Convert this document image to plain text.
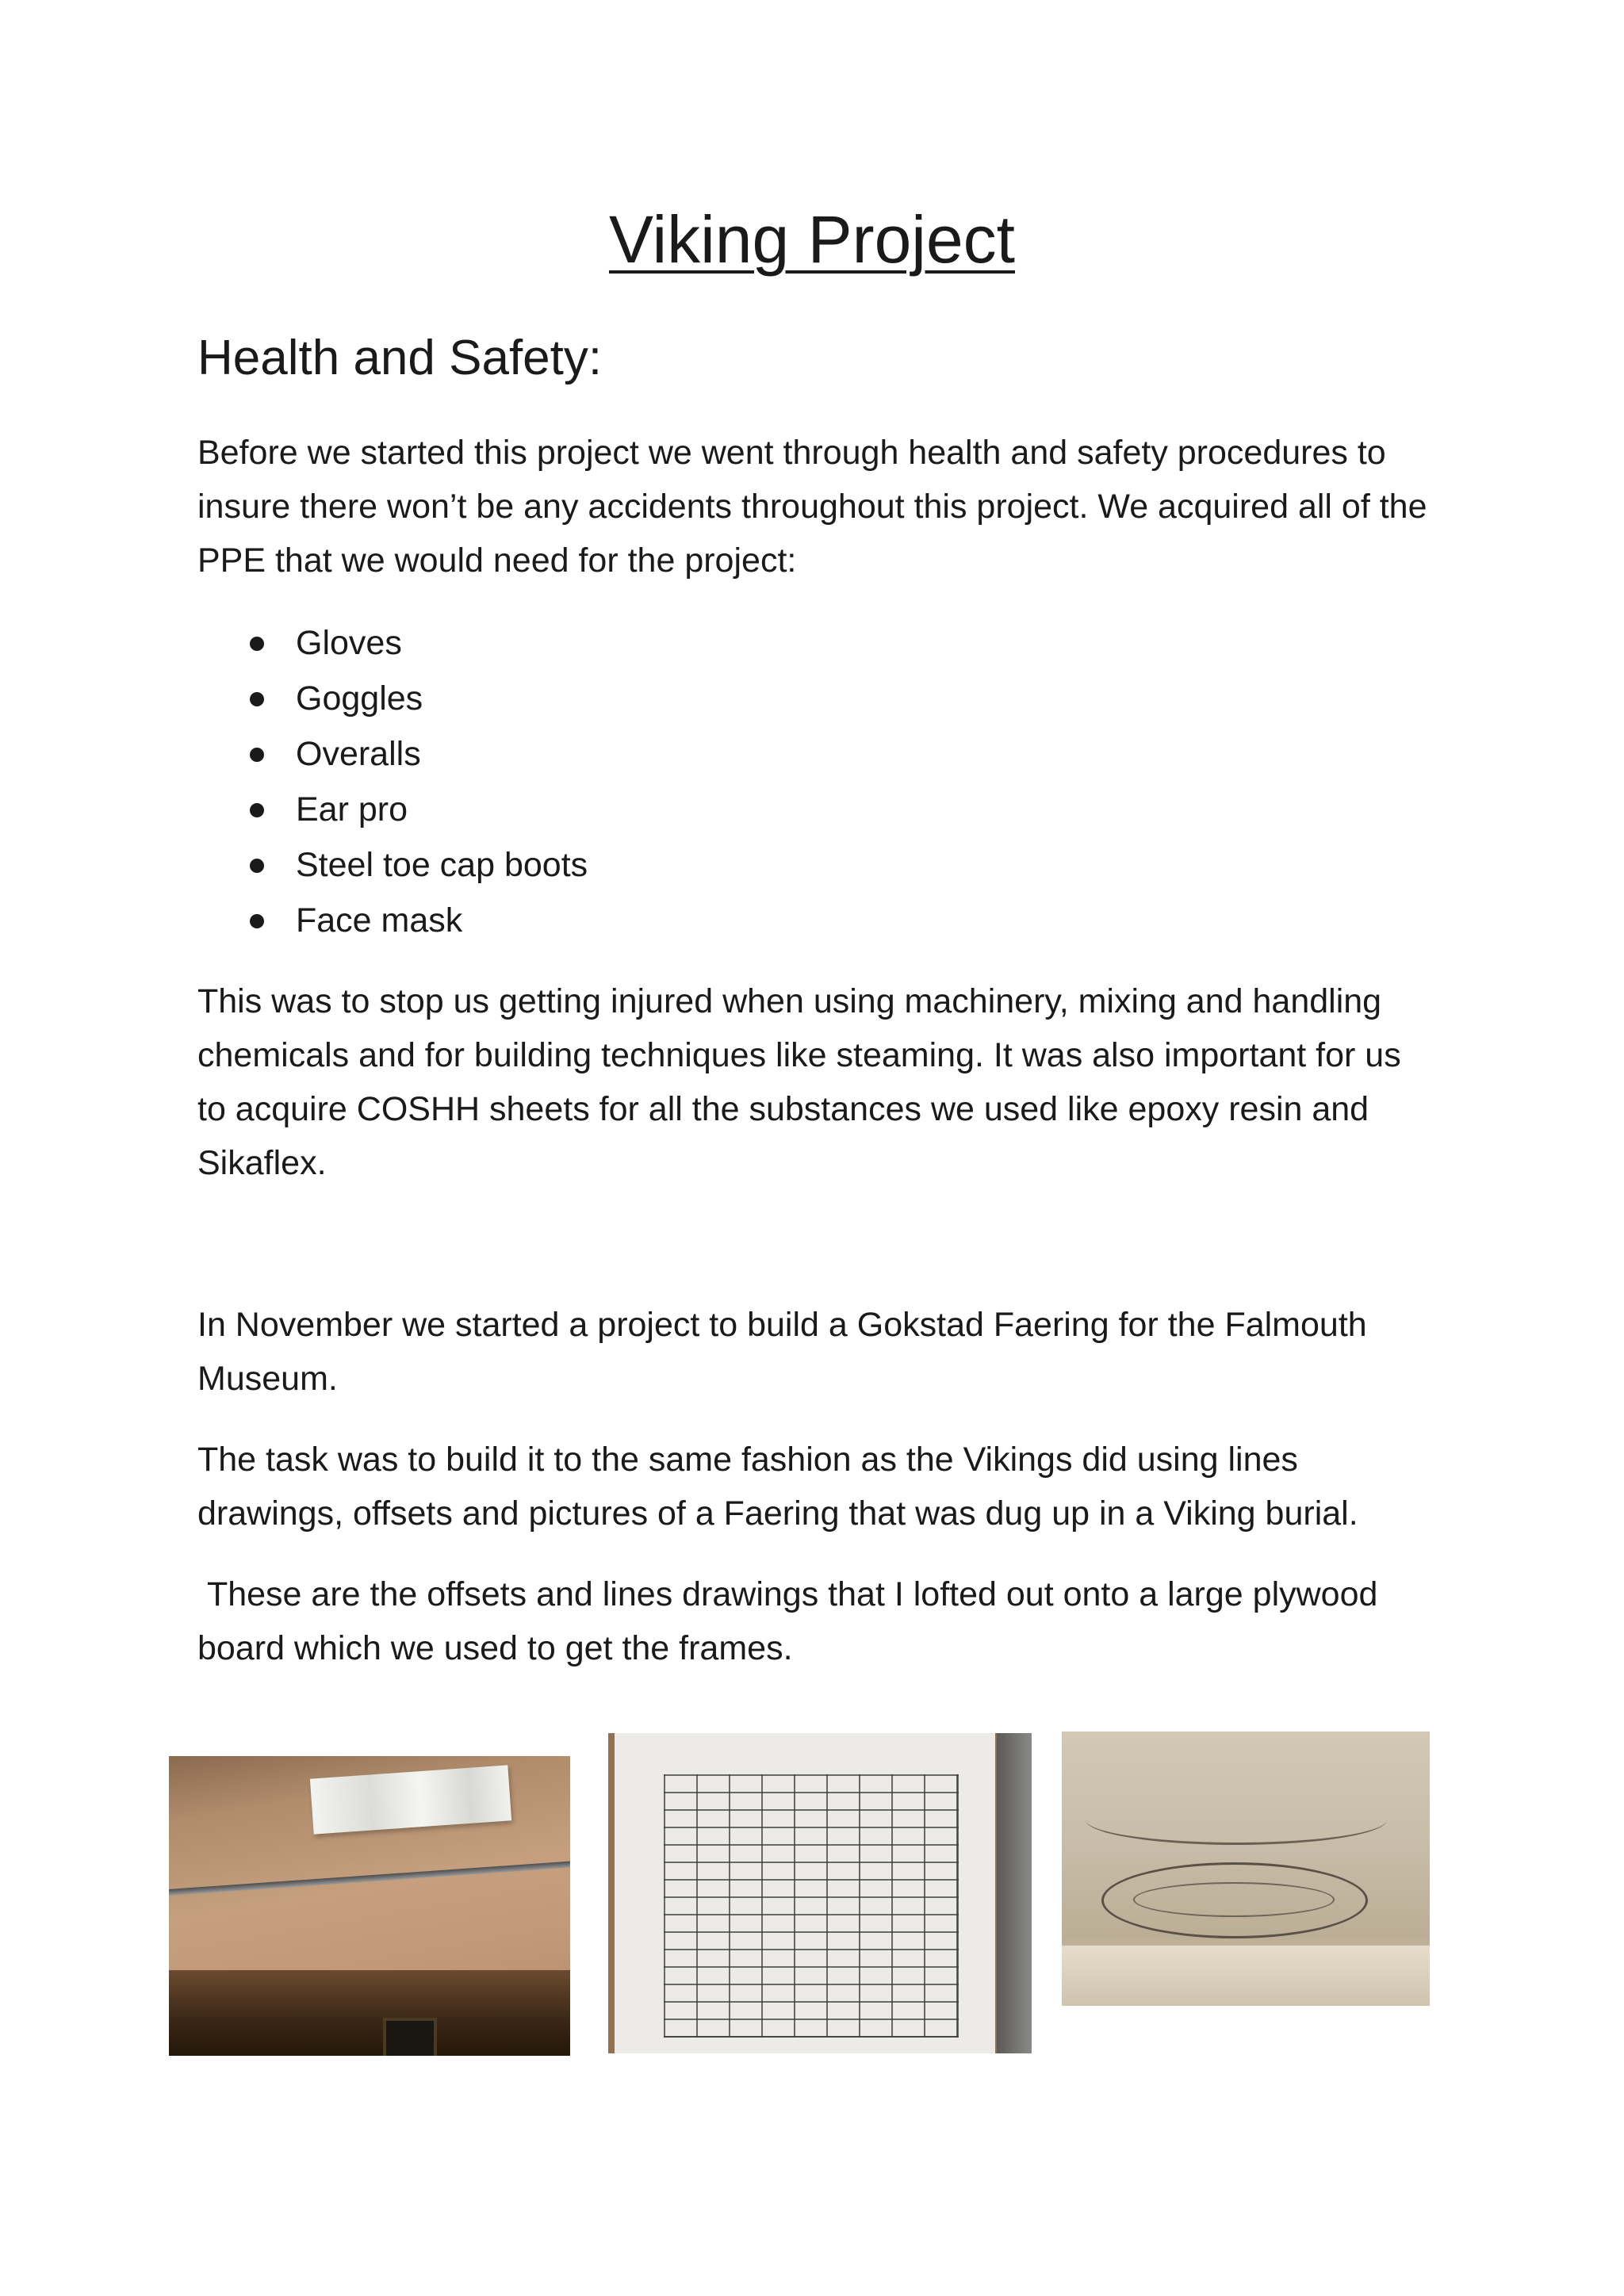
Viking Project
Health and Safety:

Before we started this project we went through health and safety procedures to insure there won’t be any accidents throughout this project. We acquired all of the PPE that we would need for the project:

Gloves
Goggles
Overalls
Ear pro
Steel toe cap boots
Face mask

This was to stop us getting injured when using machinery, mixing and handling chemicals and for building techniques like steaming. It was also important for us to acquire COSHH sheets for all the substances we used like epoxy resin and Sikaflex.

In November we started a project to build a Gokstad Faering for the Falmouth Museum.

The task was to build it to the same fashion as the Vikings did using lines drawings, offsets and pictures of a Faering that was dug up in a Viking burial.

These are the offsets and lines drawings that I lofted out onto a large plywood board which we used to get the frames.
